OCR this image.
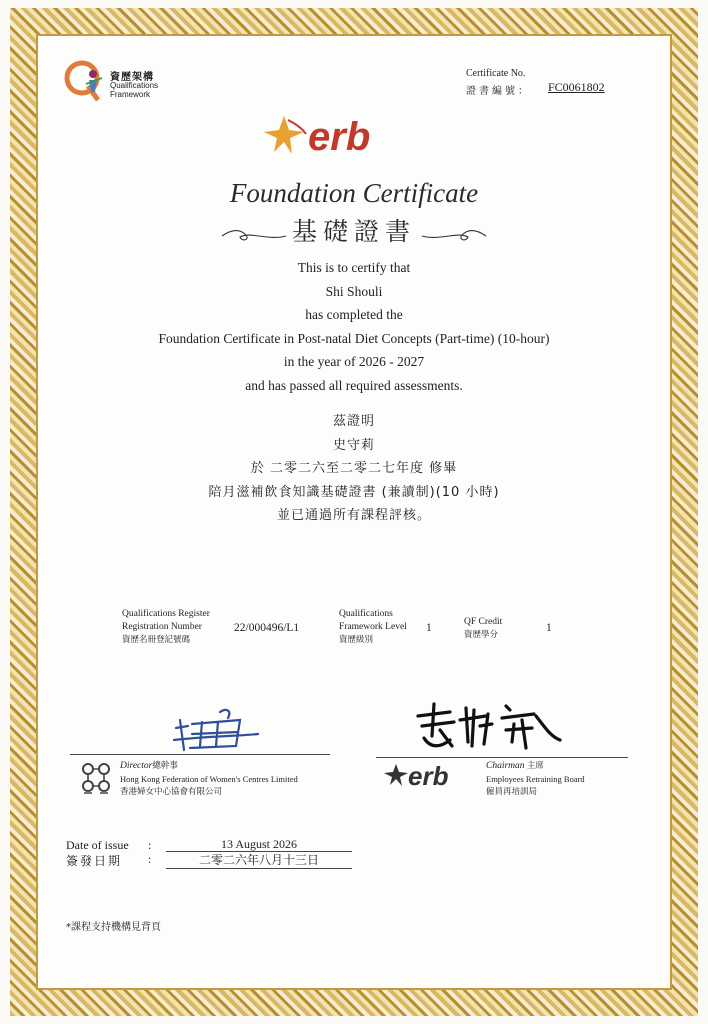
資歷架構
Qualifications
Framework
Certificate No.
證書編號： FC0061802
erb
Foundation Certificate
基礎證書
This is to certify that
Shi Shouli
has completed the
Foundation Certificate in Post-natal Diet Concepts (Part-time) (10-hour)
in the year of 2026 - 2027
and has passed all required assessments.
茲證明
史守莉
於 二零二六至二零二七年度 修畢
陪月滋補飲食知識基礎證書 (兼讀制)(10 小時)
並已通過所有課程評核。
Qualifications Register
Registration Number
資歷名冊登記號碼
22/000496/L1
Qualifications
Framework Level
資歷級別
1	QF Credit
資歷學分
1
Director總幹事
Hong Kong Federation of Women's Centres Limited
香港婦女中心協會有限公司
erb	Chairman 主席
Employees Retraining Board
僱員再培訓局
Date of issue
簽發日期
:
:
13 August 2026
二零二六年八月十三日
*課程支持機構見背頁
